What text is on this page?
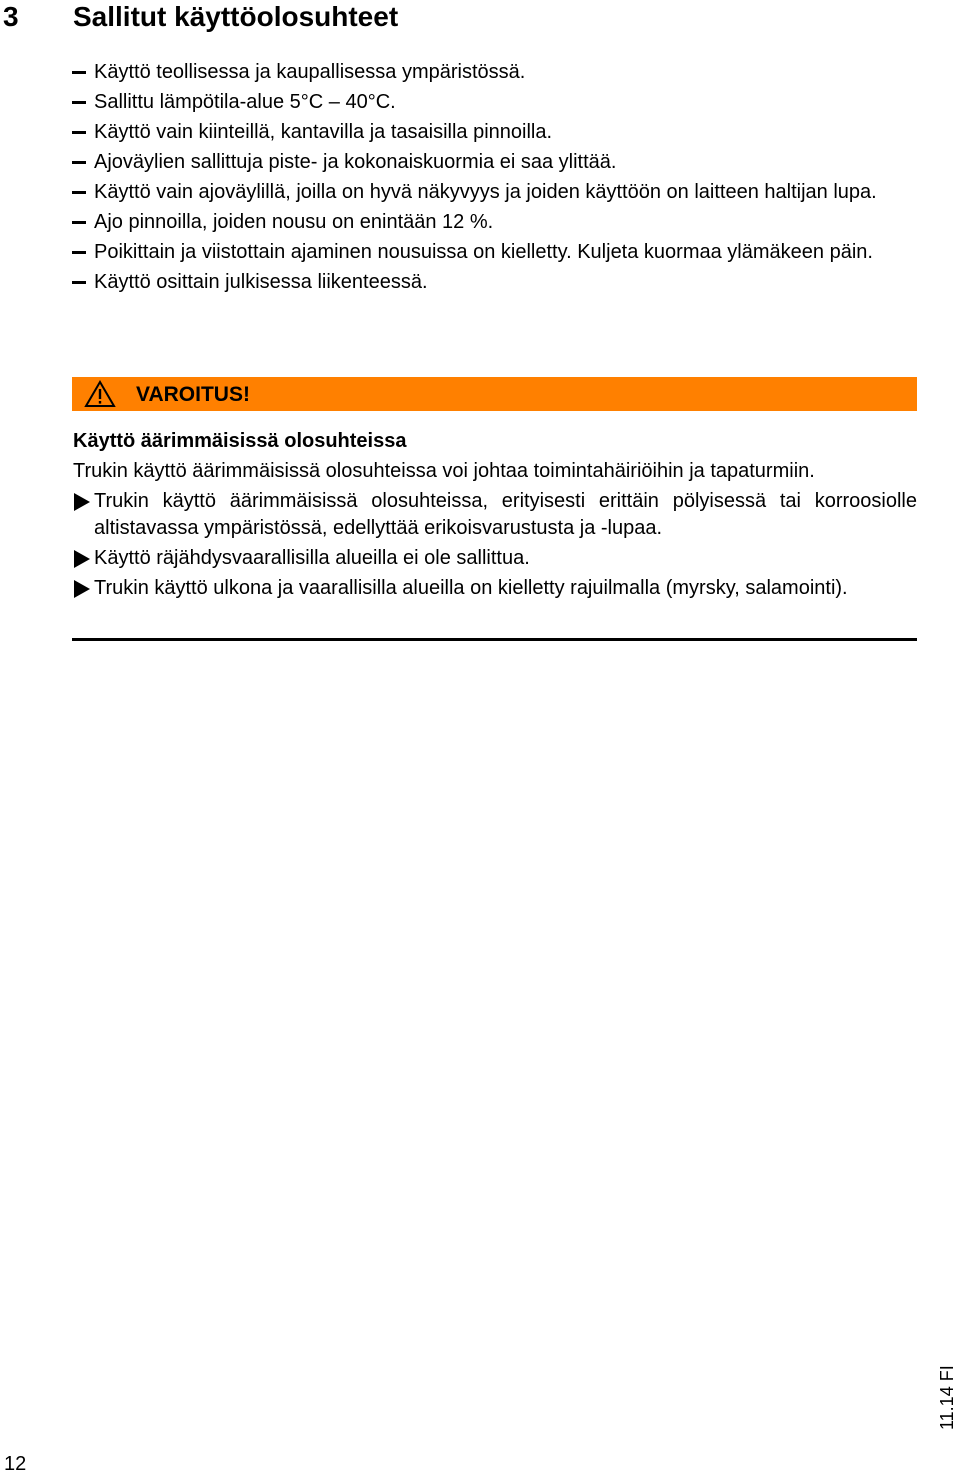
3 Sallitut käyttöolosuhteet
Käyttö teollisessa ja kaupallisessa ympäristössä.
Sallittu lämpötila-alue 5°C – 40°C.
Käyttö vain kiinteillä, kantavilla ja tasaisilla pinnoilla.
Ajoväylien sallittuja piste- ja kokonaiskuormia ei saa ylittää.
Käyttö vain ajoväylillä, joilla on hyvä näkyvyys ja joiden käyttöön on laitteen haltijan lupa.
Ajo pinnoilla, joiden nousu on enintään 12 %.
Poikittain ja viistottain ajaminen nousuissa on kielletty. Kuljeta kuormaa ylämäkeen päin.
Käyttö osittain julkisessa liikenteessä.
VAROITUS!
Käyttö äärimmäisissä olosuhteissa
Trukin käyttö äärimmäisissä olosuhteissa voi johtaa toimintahäiriöihin ja tapaturmiin.
Trukin käyttö äärimmäisissä olosuhteissa, erityisesti erittäin pölyisessä tai korroosiolle altistavassa ympäristössä, edellyttää erikoisvarustusta ja -lupaa.
Käyttö räjähdysvaarallisilla alueilla ei ole sallittua.
Trukin käyttö ulkona ja vaarallisilla alueilla on kielletty rajuilmalla (myrsky, salamointi).
11.14 FI
12
